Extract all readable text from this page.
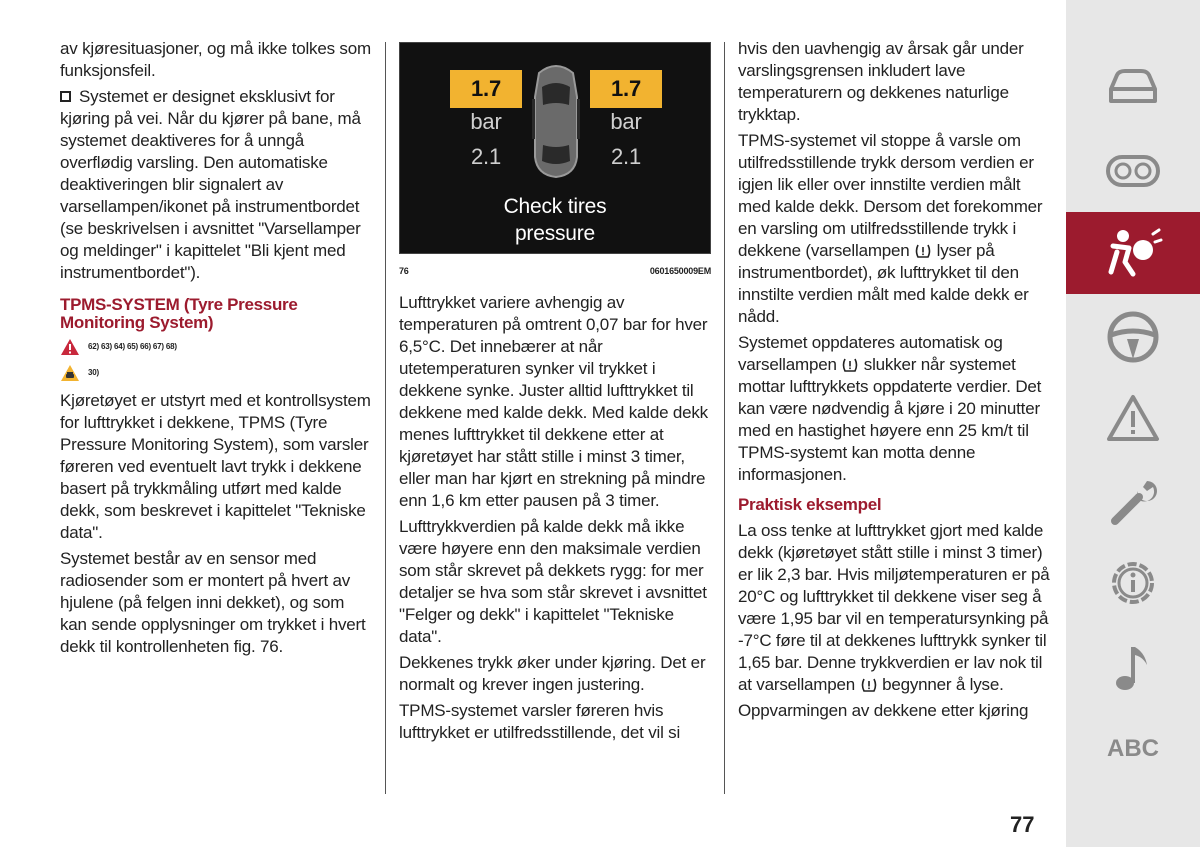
av kjøresituasjoner, og må ikke tolkes som funksjonsfeil.

Systemet er designet eksklusivt for kjøring på vei. Når du kjører på bane, må systemet deaktiveres for å unngå overflødig varsling. Den automatiske deaktiveringen blir signalert av varsellampen/ikonet på instrumentbordet (se beskrivelsen i avsnittet "Varsellamper og meldinger" i kapittelet "Bli kjent med instrumentbordet").

TPMS-SYSTEM (Tyre Pressure Monitoring System)
62) 63) 64) 65) 66) 67) 68)
30)

Kjøretøyet er utstyrt med et kontrollsystem for lufttrykket i dekkene, TPMS (Tyre Pressure Monitoring System), som varsler føreren ved eventuelt lavt trykk i dekkene basert på trykkmåling utført med kalde dekk, som beskrevet i kapittelet "Tekniske data".

Systemet består av en sensor med radiosender som er montert på hvert av hjulene (på felgen inni dekket), og som kan sende opplysninger om trykket i hvert dekk til kontrollenheten fig. 76.

1.7	1.7
bar	bar
2.1	2.1
Check tires
pressure
76	0601650009EM

Lufttrykket variere avhengig av temperaturen på omtrent 0,07 bar for hver 6,5°C. Det innebærer at når utetemperaturen synker vil trykket i dekkene synke. Juster alltid lufttrykket til dekkene med kalde dekk. Med kalde dekk menes lufttrykket til dekkene etter at kjøretøyet har stått stille i minst 3 timer, eller man har kjørt en strekning på mindre enn 1,6 km etter pausen på 3 timer.

Lufttrykkverdien på kalde dekk må ikke være høyere enn den maksimale verdien som står skrevet på dekkets rygg: for mer detaljer se hva som står skrevet i avsnittet "Felger og dekk" i kapittelet "Tekniske data".

Dekkenes trykk øker under kjøring. Det er normalt og krever ingen justering.

TPMS-systemet varsler føreren hvis lufttrykket er utilfredsstillende, det vil si

hvis den uavhengig av årsak går under varslingsgrensen inkludert lave temperaturern og dekkenes naturlige trykktap.

TPMS-systemet vil stoppe å varsle om utilfredsstillende trykk dersom verdien er igjen lik eller over innstilte verdien målt med kalde dekk. Dersom det forekommer en varsling om utilfredsstillende trykk i dekkene (varsellampen lyser på instrumentbordet), øk lufttrykket til den innstilte verdien målt med kalde dekk er nådd.

Systemet oppdateres automatisk og varsellampen slukker når systemet mottar lufttrykkets oppdaterte verdier. Det kan være nødvendig å kjøre i 20 minutter med en hastighet høyere enn 25 km/t til TPMS-systemt kan motta denne informasjonen.

Praktisk eksempel

La oss tenke at lufttrykket gjort med kalde dekk (kjøretøyet stått stille i minst 3 timer) er lik 2,3 bar. Hvis miljøtemperaturen er på 20°C og lufttrykket til dekkene viser seg å være 1,95 bar vil en temperatursynking på -7°C føre til at dekkenes lufttrykk synker til 1,65 bar. Denne trykkverdien er lav nok til at varsellampen begynner å lyse.

Oppvarmingen av dekkene etter kjøring

ABC
77
